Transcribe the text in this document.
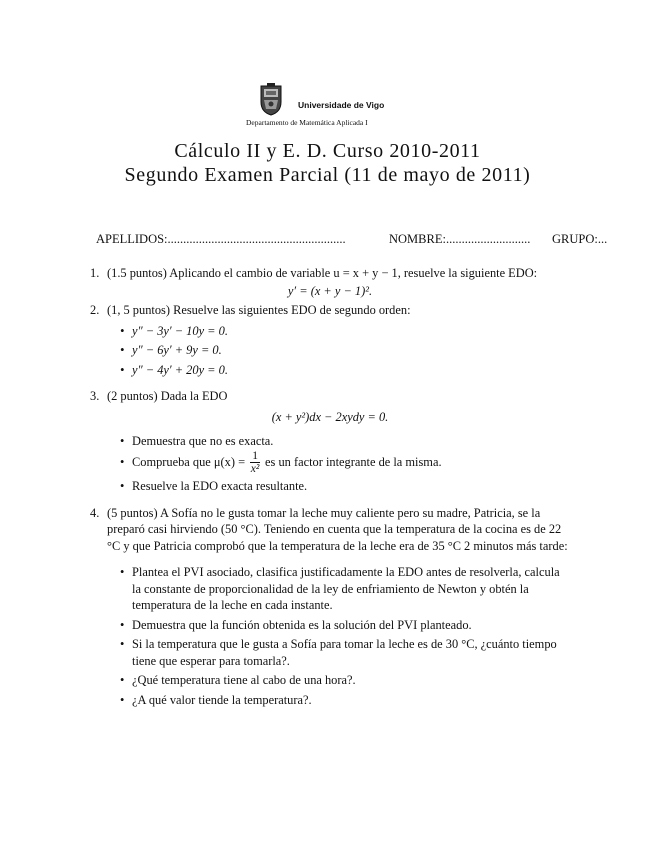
Universidade de Vigo
Departamento de Matemática Aplicada I
Cálculo II y E. D. Curso 2010-2011
Segundo Examen Parcial (11 de mayo de 2011)
APELLIDOS:.........................................................	NOMBRE:........................... GRUPO:...
1. (1.5 puntos) Aplicando el cambio de variable u = x + y − 1, resuelve la siguiente EDO:

y′ = (x + y − 1)².
2. (1, 5 puntos) Resuelve las siguientes EDO de segundo orden:

• y″ − 3y′ − 10y = 0.
• y″ − 6y′ + 9y = 0.
• y″ − 4y′ + 20y = 0.
3. (2 puntos) Dada la EDO

(x + y²)dx − 2xydy = 0.
• Demuestra que no es exacta.
• Comprueba que $\mu(x) = \frac{1}{\text{x²}}$ es un factor integrante de la misma.
• Resuelve la EDO exacta resultante.
4. (5 puntos) A Sofía no le gusta tomar la leche muy caliente pero su madre, Patricia, se la preparó casi hirviendo (50 °C). Teniendo en cuenta que la temperatura de la cocina es de 22 °C y que Patricia comprobó que la temperatura de la leche era de 35 °C 2 minutos más tarde:

• Plantea el PVI asociado, clasifica justificadamente la EDO antes de resolverla, calcula la constante de proporcionalidad de la ley de enfriamiento de Newton y obtén la temperatura de la leche en cada instante.
• Demuestra que la función obtenida es la solución del PVI planteado.
• Si la temperatura que le gusta a Sofía para tomar la leche es de 30 °C, ¿cuánto tiempo tiene que esperar para tomarla?.
• ¿Qué temperatura tiene al cabo de una hora?.
• ¿A qué valor tiende la temperatura?.
